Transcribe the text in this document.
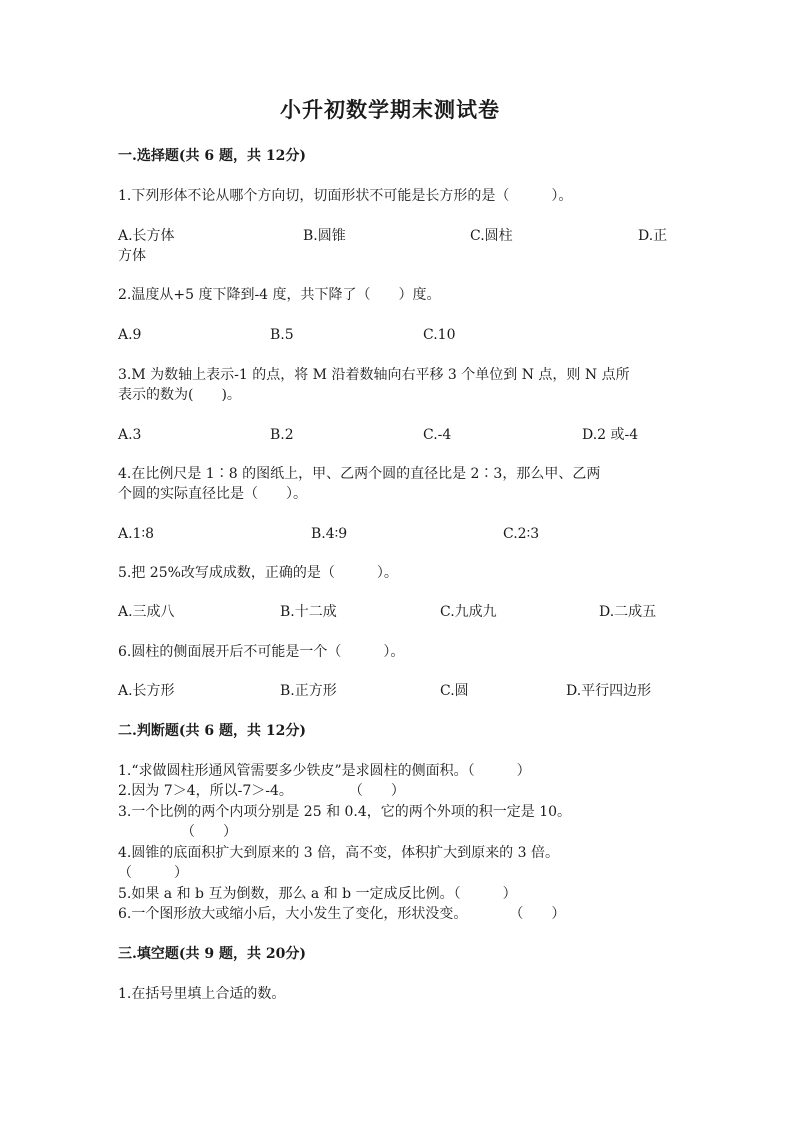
小升初数学期末测试卷
一.选择题(共 6 题，共 12分)
1.下列形体不论从哪个方向切，切面形状不可能是长方形的是（　　　）。
A.长方体	B.圆锥	C.圆柱	D.正
方体
2.温度从+5 度下降到-4 度，共下降了（　　）度。
A.9	B.5	C.10
3.M 为数轴上表示-1 的点，将 M 沿着数轴向右平移 3 个单位到 N 点，则 N 点所
表示的数为(　　)。
A.3	B.2	C.-4	D.2 或-4
4.在比例尺是 1∶8 的图纸上，甲、乙两个圆的直径比是 2∶3，那么甲、乙两
个圆的实际直径比是（　　）。
A.1∶8	B.4∶9	C.2∶3
5.把 25%改写成成数，正确的是（　　　）。
A.三成八	B.十二成	C.九成九	D.二成五
6.圆柱的侧面展开后不可能是一个（　　　）。
A.长方形	B.正方形	C.圆	D.平行四边形
二.判断题(共 6 题，共 12分)
1.“求做圆柱形通风管需要多少铁皮”是求圆柱的侧面积。（　　　）
2.因为 7＞4，所以-7＞-4。　　　　　（　　）
3.一个比例的两个内项分别是 25 和 0.4，它的两个外项的积一定是 10。
　　　　　（　　）
4.圆锥的底面积扩大到原来的 3 倍，高不变，体积扩大到原来的 3 倍。
（　　　）
5.如果 a 和 b 互为倒数，那么 a 和 b 一定成反比例。（　　　）
6.一个图形放大或缩小后，大小发生了变化，形状没变。　　　　（　　）
三.填空题(共 9 题，共 20分)
1.在括号里填上合适的数。
